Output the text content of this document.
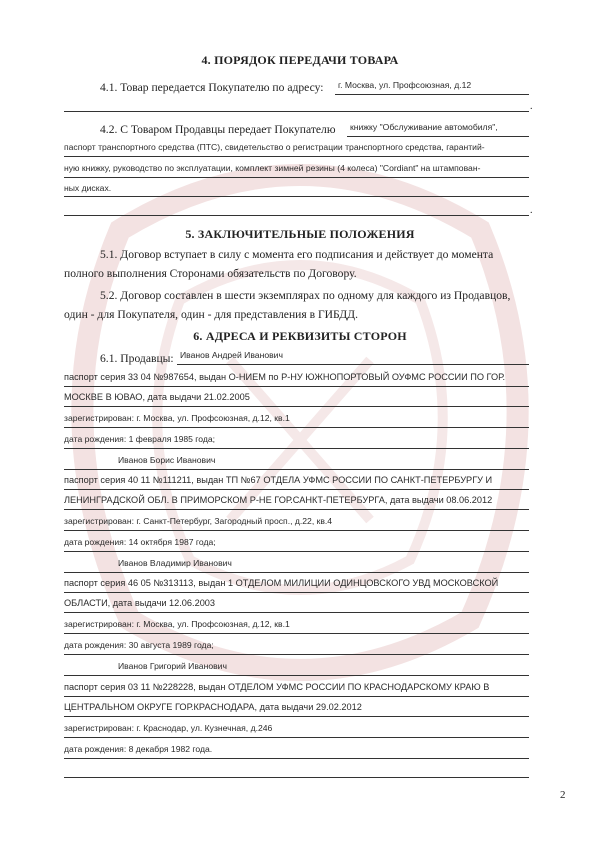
4. ПОРЯДОК ПЕРЕДАЧИ ТОВАРА
4.1. Товар передается Покупателю по адресу: г. Москва, ул. Профсоюзная, д.12
.
4.2. С Товаром Продавцы передает Покупателю книжку "Обслуживание автомобиля",
паспорт транспортного средства (ПТС), свидетельство о регистрации транспортного средства, гарантий-
ную книжку, руководство по эксплуатации, комплект зимней резины (4 колеса) "Cordiant" на штампован-
ных дисках.
.
5. ЗАКЛЮЧИТЕЛЬНЫЕ ПОЛОЖЕНИЯ
5.1. Договор вступает в силу с момента его подписания и действует до момента
полного выполнения Сторонами обязательств по Договору.
5.2. Договор составлен в шести экземплярах по одному для каждого из Продавцов,
один - для Покупателя, один - для представления в ГИБДД.
6. АДРЕСА И РЕКВИЗИТЫ СТОРОН
6.1. Продавцы: Иванов Андрей Иванович
паспорт серия 33 04 №987654, выдан О-НИЕМ по Р-НУ ЮЖНОПОРТОВЫЙ ОУФМС РОССИИ ПО ГОР.
МОСКВЕ В ЮВАО, дата выдачи 21.02.2005
зарегистрирован: г. Москва, ул. Профсоюзная, д.12, кв.1
дата рождения: 1 февраля 1985 года;
Иванов Борис Иванович
паспорт серия 40 11 №111211, выдан ТП №67 ОТДЕЛА УФМС РОССИИ ПО САНКТ-ПЕТЕРБУРГУ И
ЛЕНИНГРАДСКОЙ ОБЛ. В ПРИМОРСКОМ Р-НЕ ГОР.САНКТ-ПЕТЕРБУРГА, дата выдачи 08.06.2012
зарегистрирован: г. Санкт-Петербург, Загородный просп., д.22, кв.4
дата рождения: 14 октября 1987 года;
Иванов Владимир Иванович
паспорт серия 46 05 №313113, выдан 1 ОТДЕЛОМ МИЛИЦИИ ОДИНЦОВСКОГО УВД МОСКОВСКОЙ
ОБЛАСТИ, дата выдачи 12.06.2003
зарегистрирован: г. Москва, ул. Профсоюзная, д.12, кв.1
дата рождения: 30 августа 1989 года;
Иванов Григорий Иванович
паспорт серия 03 11 №228228, выдан ОТДЕЛОМ УФМС РОССИИ ПО КРАСНОДАРСКОМУ КРАЮ В
ЦЕНТРАЛЬНОМ ОКРУГЕ ГОР.КРАСНОДАРА, дата выдачи 29.02.2012
зарегистрирован: г. Краснодар, ул. Кузнечная, д.246
дата рождения: 8 декабря 1982 года.
2
